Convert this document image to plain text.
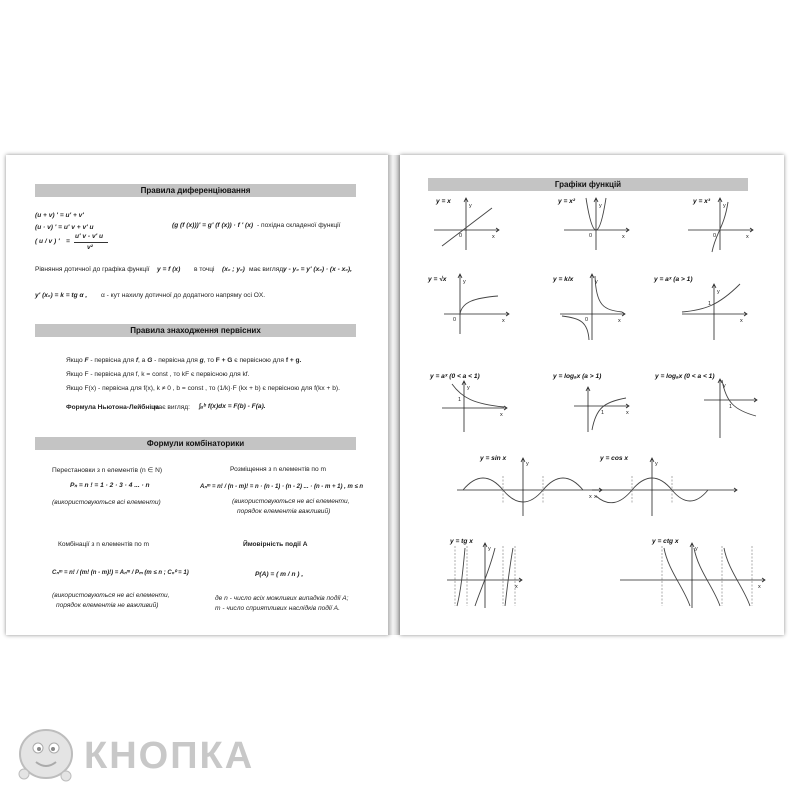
Правила диференціювання
(u + v) ' = u' + v'
(u · v) ' = u' v + v' u
( u / v ) '
u' v - v' u
v²
=
(g (f (x)))' = g' (f (x)) · f ' (x) - похідна складеної функції
Рівняння дотичної до графіка функції y = f (x) в точці (x₀ ; y₀) має вигляд:
y - y₀ = y' (x₀) · (x - x₀),
y' (x₀) = k = tg α , α - кут нахилу дотичної до додатного напряму осі OX.
Правила знаходження первісних
Якщо F - первісна для f, а G - первісна для g, то F + G є первісною для f + g.
Якщо F - первісна для f, k = const , то kF є первісною для kf.
Якщо F(x) - первісна для f(x), k ≠ 0 , b = const , то (1/k)·F (kx + b) є первісною для f(kx + b).
Формула Ньютона-Лейбніца
має вигляд: ∫ₐᵇ f(x)dx = F(b) - F(a).
Формули комбінаторики
Перестановки з n елементів (n ∈ N)
Pₙ = n ! = 1 · 2 · 3 · 4 ... · n
(використовуються всі елементи)
Розміщення з n елементів по m
Aₙᵐ = n! / (n - m)! = n · (n - 1) · (n - 2) ... · (n - m + 1) , m ≤ n
(використовуються не всі елементи,
порядок елементів важливий)
Комбінації з n елементів по m
Cₙᵐ = n! / (m! (n - m)!) = Aₙᵐ / Pₘ (m ≤ n ; Cₙ⁰ = 1)
(використовуються не всі елементи,
порядок елементів не важливий)
Ймовірність події А
P(A) = ( m / n ) ,
де n - число всіх можливих випадків події А;
m - число сприятливих наслідків події А.
Графіки функцій
y = x
y
x
0
y = x²
y
x
0
y = x³
y
x
0
y = √x	y
x
0
y = k/x	y
x
0
y = aˣ (a > 1)
y
x
1
y = aˣ (0 < a < 1)
y
x
1
y = logₐx (a > 1)
1	x
y = logₐx (0 < a < 1)
y
1
y = sin x
y
x
y = cos x
y
x
y = tg x
y
x
y = ctg x
y
x
КНОПКА
